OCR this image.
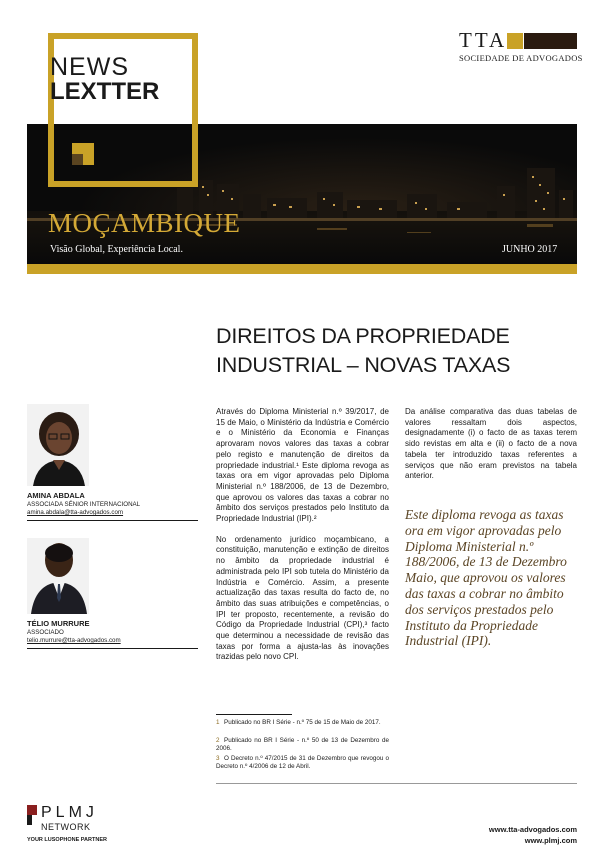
NEWS
LEXTTER
TTA
SOCIEDADE DE ADVOGADOS
MOÇAMBIQUE
Visão Global, Experiência Local.	JUNHO 2017
DIREITOS DA PROPRIEDADE
INDUSTRIAL – NOVAS TAXAS
AMINA ABDALA
ASSOCIADA SÉNIOR INTERNACIONAL
amina.abdala@tta-advogados.com
TÉLIO MURRURE
ASSOCIADO
telio.murrure@tta-advogados.com

Através do Diploma Ministerial n.º 39/2017, de 15 de Maio, o Ministério da Indústria e Comércio e o Ministério da Economia e Finanças aprovaram novos valores das taxas a cobrar pelo registo e manutenção de direitos da propriedade industrial.¹ Este diploma revoga as taxas ora em vigor aprovadas pelo Diploma Ministerial n.º 188/2006, de 13 de Dezembro, que aprovou os valores das taxas a cobrar no âmbito dos serviços prestados pelo Instituto da Propriedade Industrial (IPI).²

No ordenamento jurídico moçambicano, a constituição, manutenção e extinção de direitos no âmbito da propriedade industrial é administrada pelo IPI sob tutela do Ministério da Indústria e Comércio. Assim, a presente actualização das taxas resulta do facto de, no âmbito das suas atribuições e competências, o IPI ter proposto, recentemente, a revisão do Código da Propriedade Industrial (CPI),³ facto que determinou a necessidade de revisão das taxas por forma a ajusta-las às inovações trazidas pelo novo CPI.

Da análise comparativa das duas tabelas de valores ressaltam dois aspectos, designadamente (i) o facto de as taxas terem sido revistas em alta e (ii) o facto de a nova tabela ter introduzido taxas referentes a serviços que não eram previstos na tabela anterior.

Este diploma revoga as taxas ora em vigor aprovadas pelo Diploma Ministerial n.º 188/2006, de 13 de Dezembro Maio, que aprovou os valores das taxas a cobrar no âmbito dos serviços prestados pelo Instituto da Propriedade Industrial (IPI).
1 Publicado no BR I Série - n.º 75 de 15 de Maio de 2017.
2 Publicado no BR I Série - n.º 50 de 13 de Dezembro de 2006.
3 O Decreto n.º 47/2015 de 31 de Dezembro que revogou o Decreto n.º 4/2006 de 12 de Abril.
PLMJ
NETWORK
YOUR LUSOPHONE PARTNER
www.tta-advogados.com
www.plmj.com
